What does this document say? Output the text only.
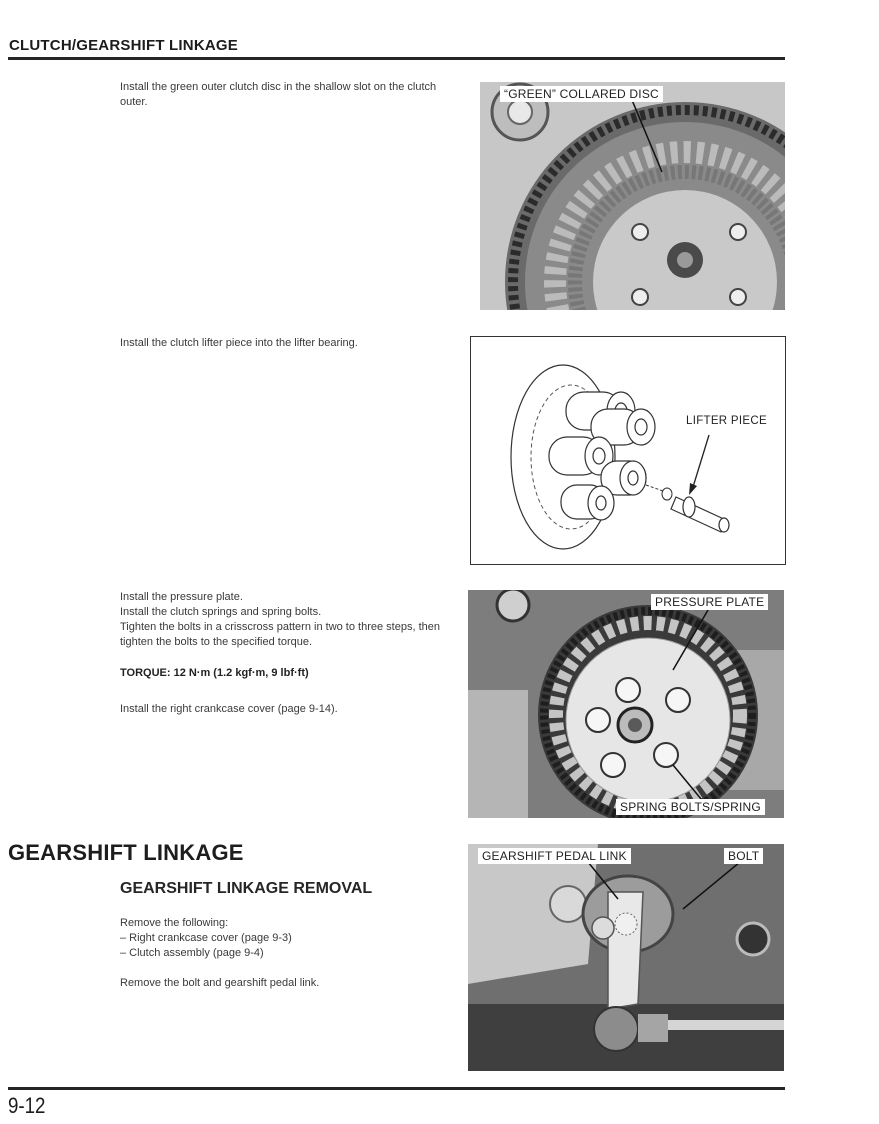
CLUTCH/GEARSHIFT LINKAGE
Install the green outer clutch disc in the shallow slot on the clutch outer.
“GREEN” COLLARED DISC
Install the clutch lifter piece into the lifter bearing.
LIFTER PIECE
Install the pressure plate.
Install the clutch springs and spring bolts.
Tighten the bolts in a crisscross pattern in two to three steps, then tighten the bolts to the specified torque.
TORQUE: 12 N·m (1.2 kgf·m, 9 lbf·ft)
Install the right crankcase cover (page 9-14).
PRESSURE PLATE
SPRING BOLTS/SPRING
GEARSHIFT LINKAGE
GEARSHIFT LINKAGE REMOVAL
Remove the following:
– Right crankcase cover (page 9-3)
– Clutch assembly (page 9-4)
Remove the bolt and gearshift pedal link.
GEARSHIFT PEDAL LINK	BOLT
9-12
